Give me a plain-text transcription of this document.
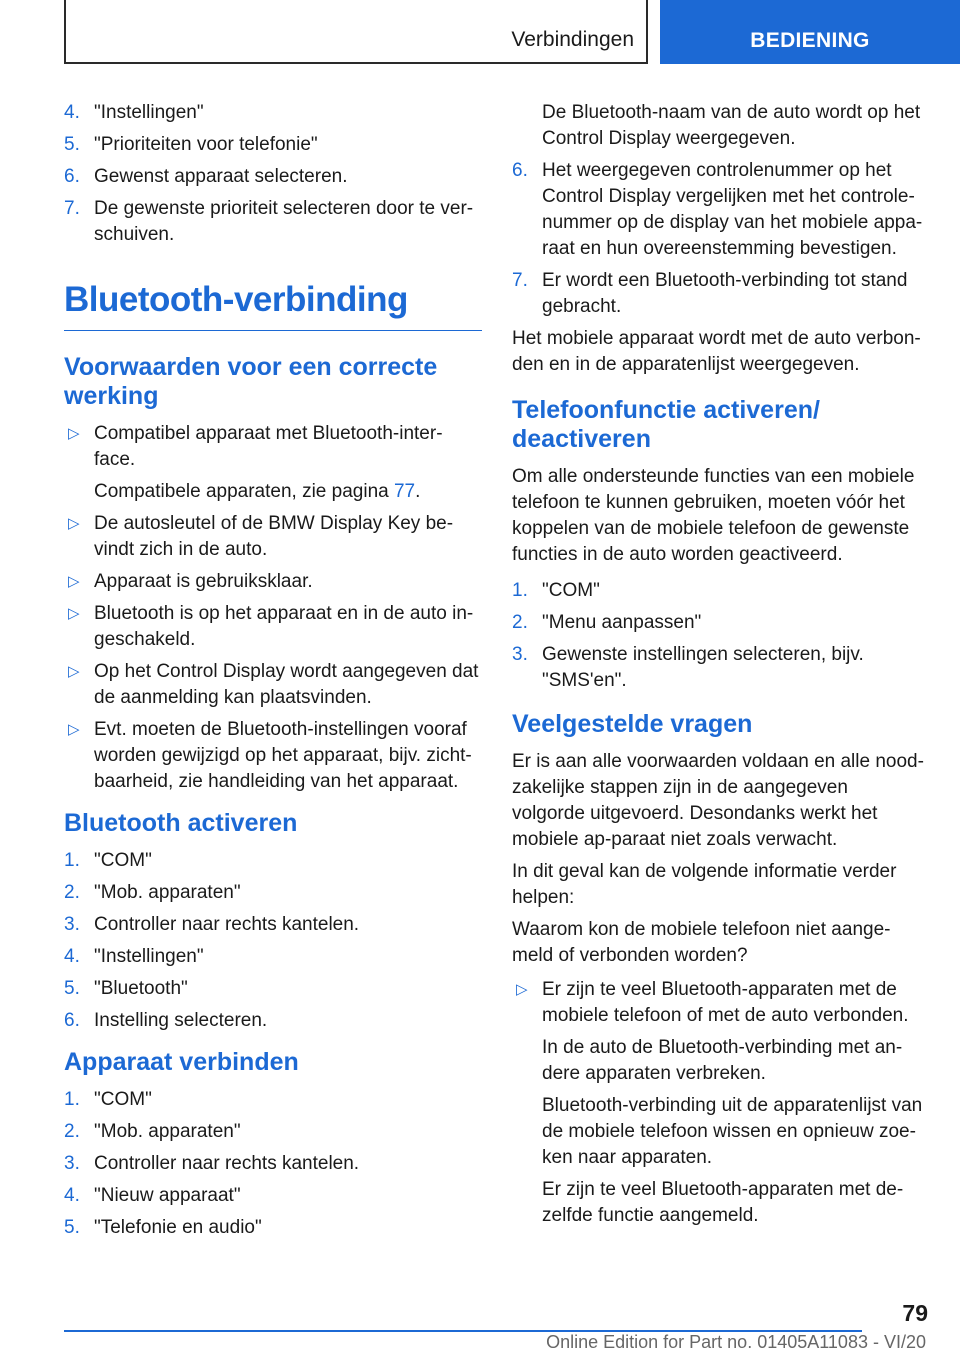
Verbindingen	BEDIENING
4. "Instellingen"
5. "Prioriteiten voor telefonie"
6. Gewenst apparaat selecteren.
7. De gewenste prioriteit selecteren door te ver-schuiven.
Bluetooth-verbinding
Voorwaarden voor een correcte werking
▷ Compatibel apparaat met Bluetooth-inter-face.

Compatibele apparaten, zie pagina 77.

▷ De autosleutel of de BMW Display Key be-vindt zich in de auto.
▷ Apparaat is gebruiksklaar.
▷ Bluetooth is op het apparaat en in de auto in-geschakeld.
▷ Op het Control Display wordt aangegeven dat de aanmelding kan plaatsvinden.
▷ Evt. moeten de Bluetooth-instellingen vooraf worden gewijzigd op het apparaat, bijv. zicht-baarheid, zie handleiding van het apparaat.
Bluetooth activeren
1. "COM"
2. "Mob. apparaten"
3. Controller naar rechts kantelen.
4. "Instellingen"
5. "Bluetooth"
6. Instelling selecteren.
Apparaat verbinden
1. "COM"
2. "Mob. apparaten"
3. Controller naar rechts kantelen.
4. "Nieuw apparaat"
5. "Telefonie en audio"

De Bluetooth-naam van de auto wordt op het Control Display weergegeven.

6. Het weergegeven controlenummer op het Control Display vergelijken met het controle-nummer op de display van het mobiele appa-raat en hun overeenstemming bevestigen.
7. Er wordt een Bluetooth-verbinding tot stand gebracht.

Het mobiele apparaat wordt met de auto verbon-den en in de apparatenlijst weergegeven.

Telefoonfunctie activeren/ deactiveren

Om alle ondersteunde functies van een mobiele telefoon te kunnen gebruiken, moeten vóór het koppelen van de mobiele telefoon de gewenste functies in de auto worden geactiveerd.

1. "COM"
2. "Menu aanpassen"
3. Gewenste instellingen selecteren, bijv. "SMS'en".
Veelgestelde vragen

Er is aan alle voorwaarden voldaan en alle nood-zakelijke stappen zijn in de aangegeven volgorde uitgevoerd. Desondanks werkt het mobiele ap-paraat niet zoals verwacht.

In dit geval kan de volgende informatie verder helpen:

Waarom kon de mobiele telefoon niet aange-meld of verbonden worden?

▷ Er zijn te veel Bluetooth-apparaten met de mobiele telefoon of met de auto verbonden.

In de auto de Bluetooth-verbinding met an-dere apparaten verbreken.

Bluetooth-verbinding uit de apparatenlijst van de mobiele telefoon wissen en opnieuw zoe-ken naar apparaten.

Er zijn te veel Bluetooth-apparaten met de-zelfde functie aangemeld.

79
Online Edition for Part no. 01405A11083 - VI/20
